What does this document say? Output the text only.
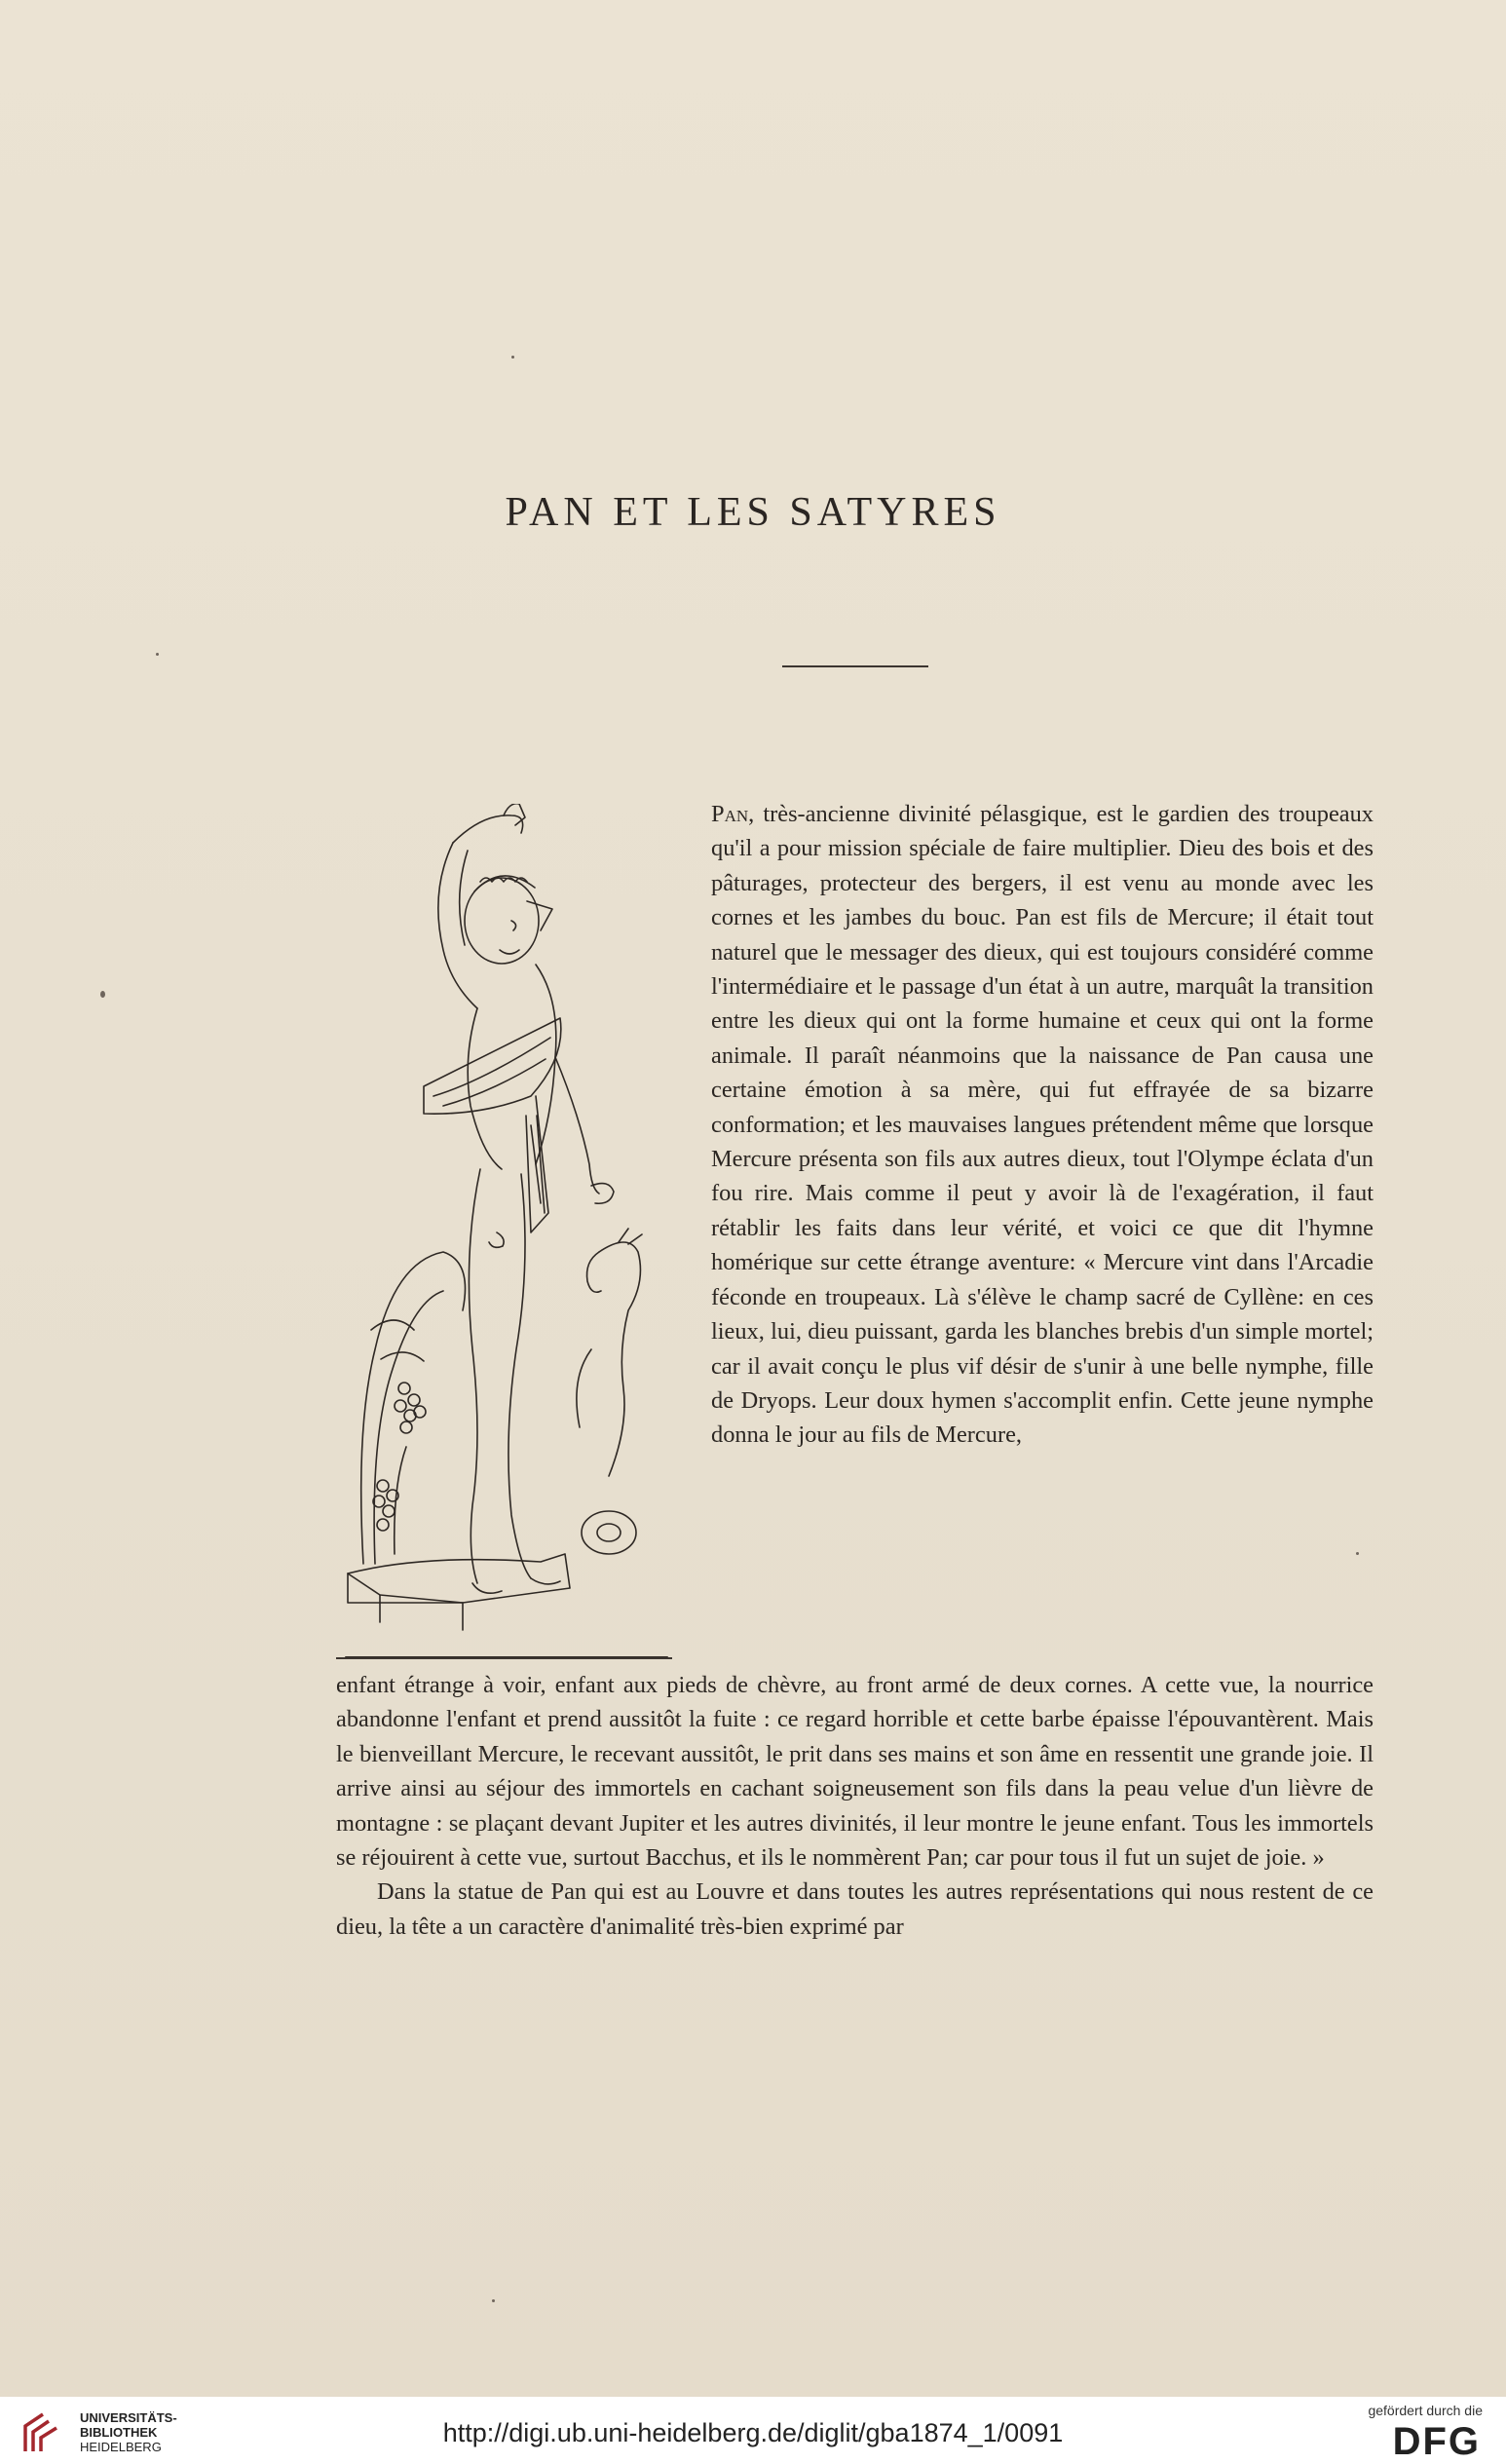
PAN ET LES SATYRES

Pan, très-ancienne divinité pélasgique, est le gardien des troupeaux qu'il a pour mission spéciale de faire multiplier. Dieu des bois et des pâturages, protecteur des bergers, il est venu au monde avec les cornes et les jambes du bouc. Pan est fils de Mercure; il était tout naturel que le messager des dieux, qui est toujours considéré comme l'intermédiaire et le passage d'un état à un autre, marquât la transition entre les dieux qui ont la forme humaine et ceux qui ont la forme animale. Il paraît néanmoins que la naissance de Pan causa une certaine émotion à sa mère, qui fut effrayée de sa bizarre conformation; et les mauvaises langues prétendent même que lorsque Mercure présenta son fils aux autres dieux, tout l'Olympe éclata d'un fou rire. Mais comme il peut y avoir là de l'exagération, il faut rétablir les faits dans leur vérité, et voici ce que dit l'hymne homérique sur cette étrange aventure: « Mercure vint dans l'Arcadie féconde en troupeaux. Là s'élève le champ sacré de Cyllène: en ces lieux, lui, dieu puissant, garda les blanches brebis d'un simple mortel; car il avait conçu le plus vif désir de s'unir à une belle nymphe, fille de Dryops. Leur doux hymen s'accomplit enfin. Cette jeune nymphe donna le jour au fils de Mercure,

enfant étrange à voir, enfant aux pieds de chèvre, au front armé de deux cornes. A cette vue, la nourrice abandonne l'enfant et prend aussitôt la fuite : ce regard horrible et cette barbe épaisse l'épouvantèrent. Mais le bienveillant Mercure, le recevant aussitôt, le prit dans ses mains et son âme en ressentit une grande joie. Il arrive ainsi au séjour des immortels en cachant soigneusement son fils dans la peau velue d'un lièvre de montagne : se plaçant devant Jupiter et les autres divinités, il leur montre le jeune enfant. Tous les immortels se réjouirent à cette vue, surtout Bacchus, et ils le nommèrent Pan; car pour tous il fut un sujet de joie. »

Dans la statue de Pan qui est au Louvre et dans toutes les autres représentations qui nous restent de ce dieu, la tête a un caractère d'animalité très-bien exprimé par

UNIVERSITÄTS-
BIBLIOTHEK
HEIDELBERG	http://digi.ub.uni-heidelberg.de/diglit/gba1874_1/0091
gefördert durch die
DFG
